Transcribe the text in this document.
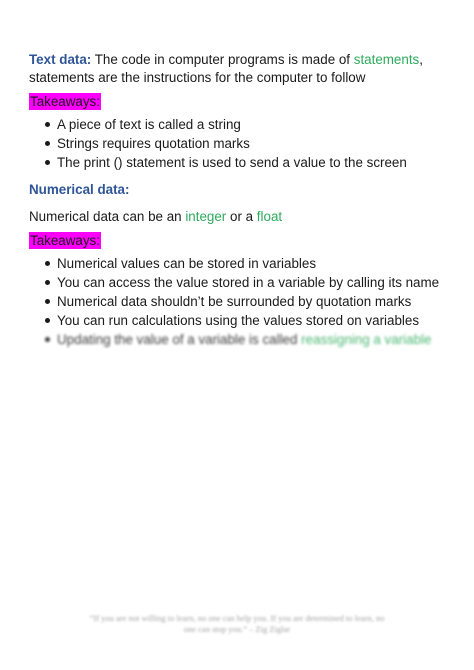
Text data: The code in computer programs is made of statements,

statements are the instructions for the computer to follow

Takeaways:
A piece of text is called a string
Strings requires quotation marks
The print () statement is used to send a value to the screen

Numerical data:

Numerical data can be an integer or a float

Takeaways:
Numerical values can be stored in variables
You can access the value stored in a variable by calling its name
Numerical data shouldn’t be surrounded by quotation marks
You can run calculations using the values stored on variables
Updating the value of a variable is called reassigning a variable
“If you are not willing to learn, no one can help you. If you are determined to learn, no
one can stop you.” – Zig Ziglar
